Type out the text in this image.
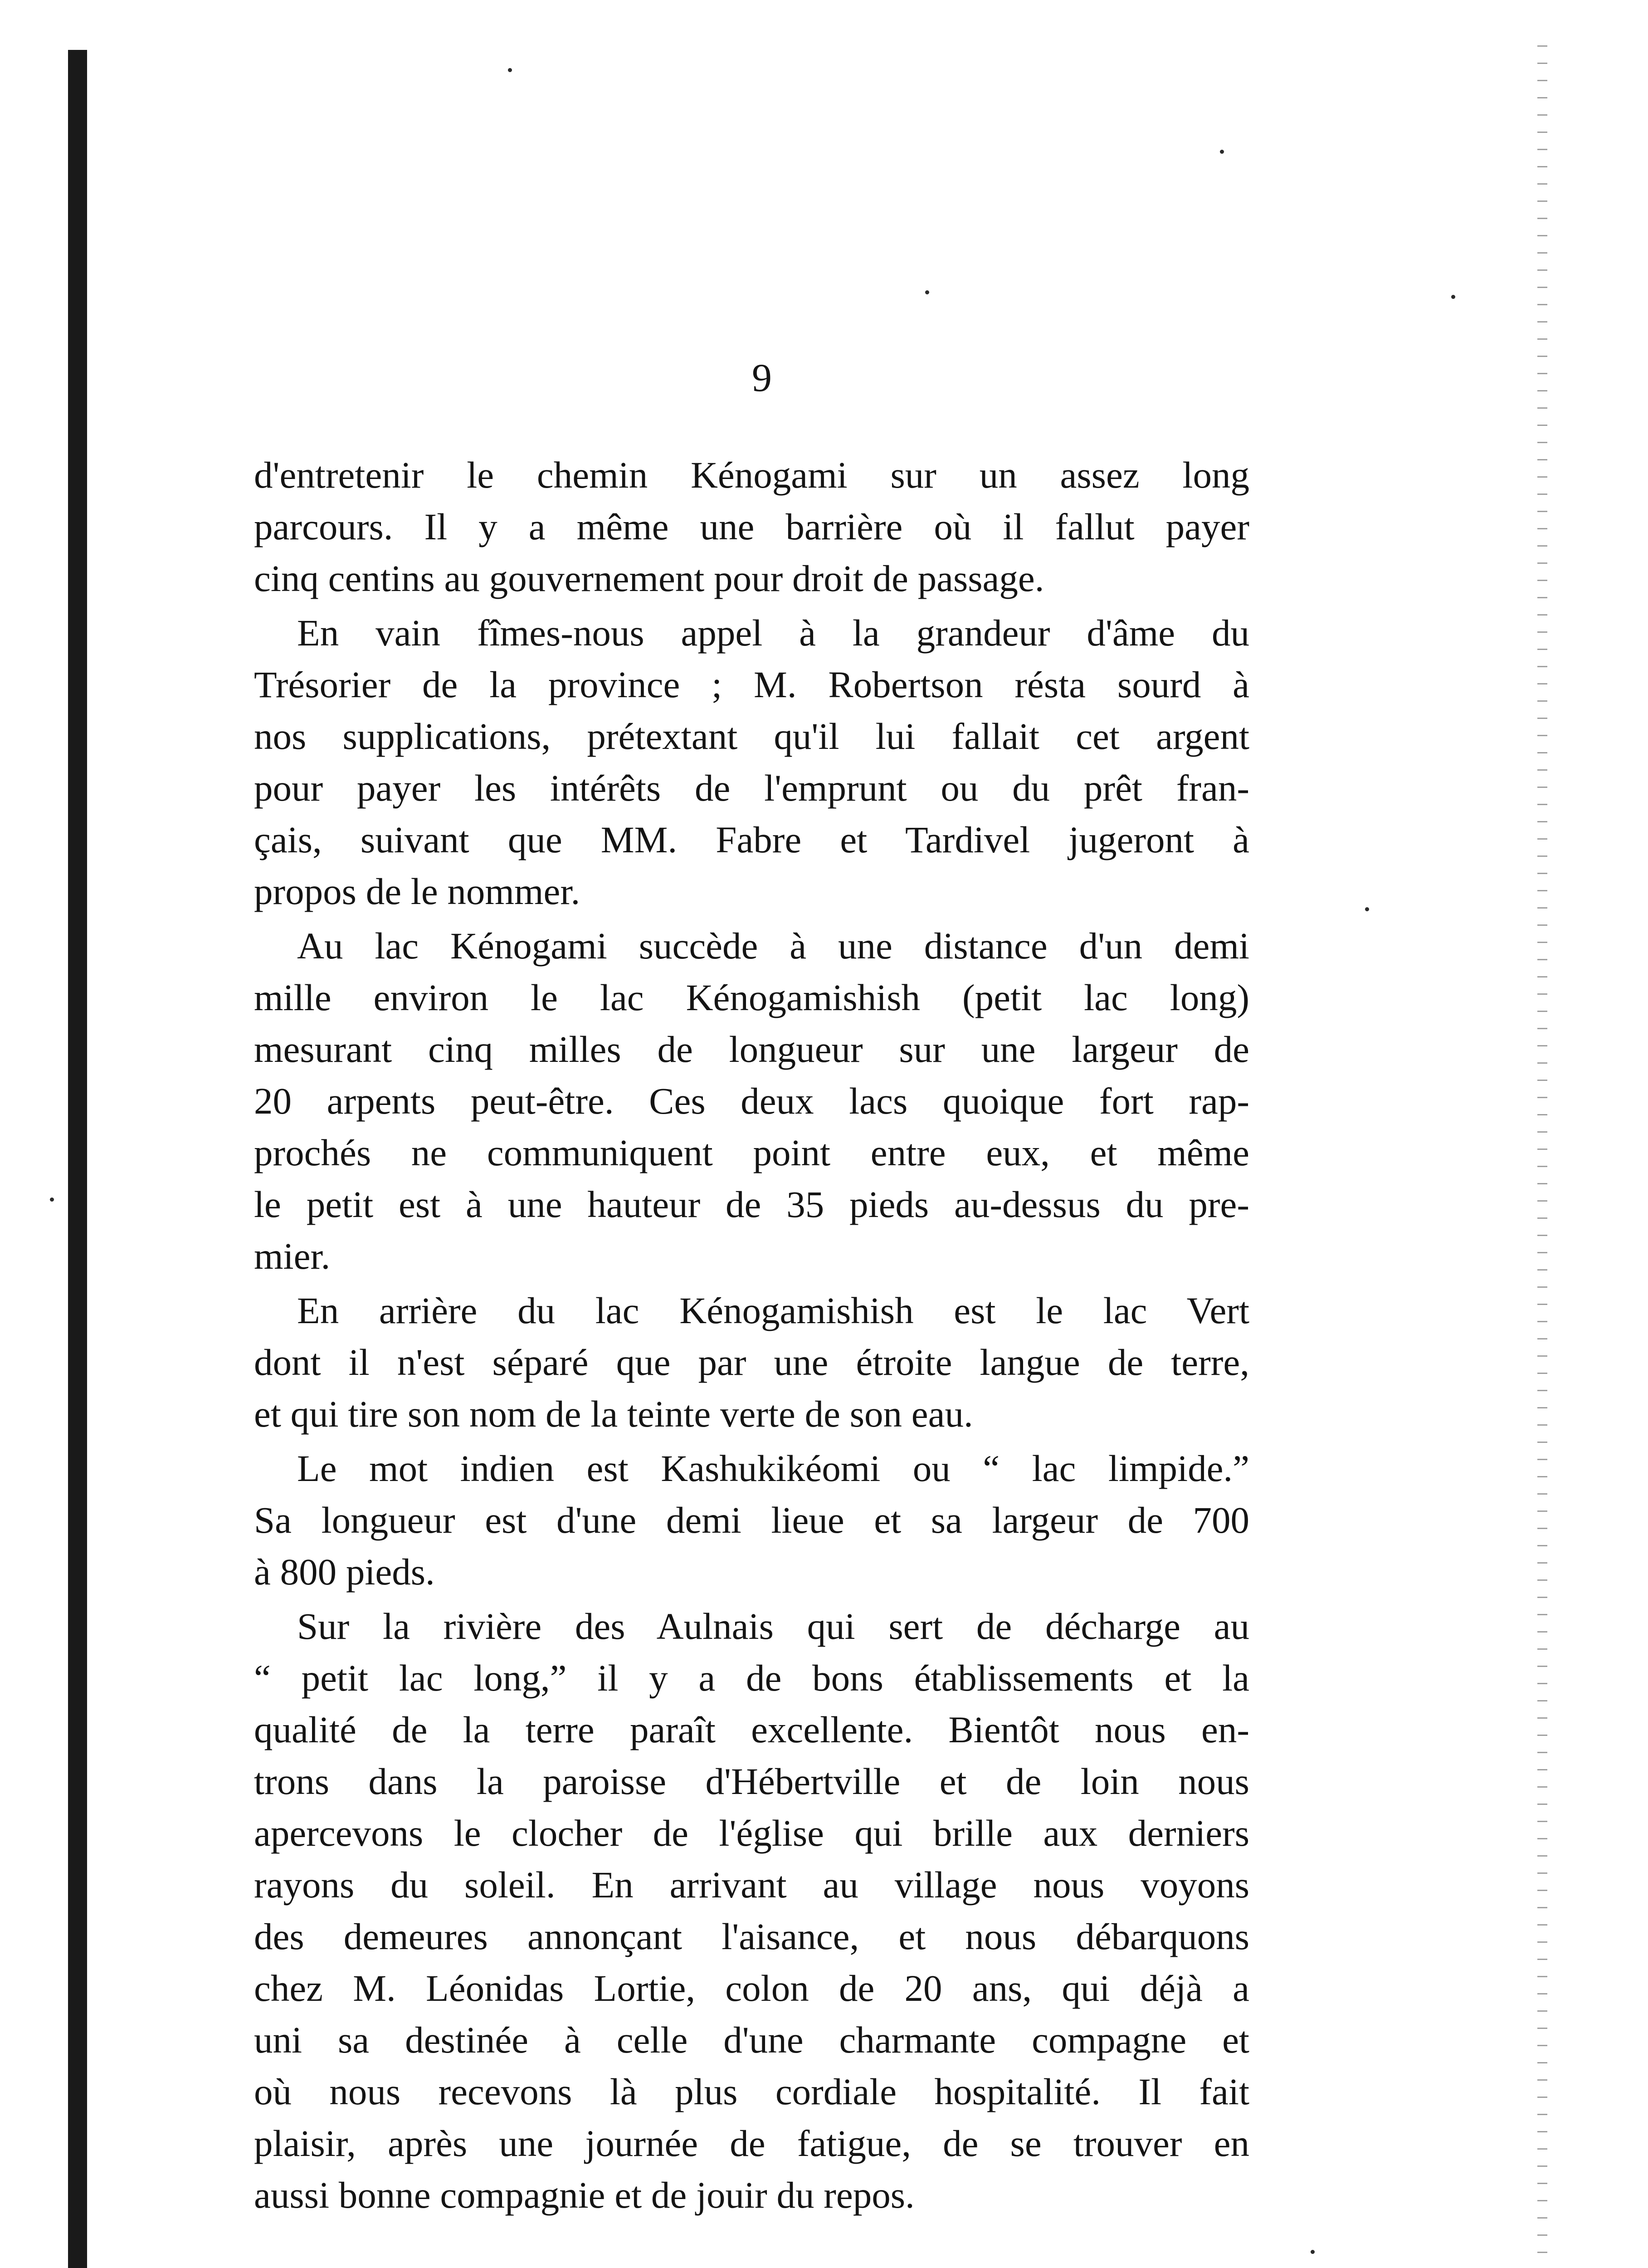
9

d'entretenir le chemin Kénogami sur un assez long
parcours. Il y a même une barrière où il fallut payer
cinq centins au gouvernement pour droit de passage.

En vain fîmes-nous appel à la grandeur d'âme du
Trésorier de la province ; M. Robertson résta sourd à
nos supplications, prétextant qu'il lui fallait cet argent
pour payer les intérêts de l'emprunt ou du prêt fran-
çais, suivant que MM. Fabre et Tardivel jugeront à
propos de le nommer.

Au lac Kénogami succède à une distance d'un demi
mille environ le lac Kénogamishish (petit lac long)
mesurant cinq milles de longueur sur une largeur de
20 arpents peut-être. Ces deux lacs quoique fort rap-
prochés ne communiquent point entre eux, et même
le petit est à une hauteur de 35 pieds au-dessus du pre-
mier.

En arrière du lac Kénogamishish est le lac Vert
dont il n'est séparé que par une étroite langue de terre,
et qui tire son nom de la teinte verte de son eau.

Le mot indien est Kashukikéomi ou “ lac limpide.”
Sa longueur est d'une demi lieue et sa largeur de 700
à 800 pieds.

Sur la rivière des Aulnais qui sert de décharge au
“ petit lac long,” il y a de bons établissements et la
qualité de la terre paraît excellente. Bientôt nous en-
trons dans la paroisse d'Hébertville et de loin nous
apercevons le clocher de l'église qui brille aux derniers
rayons du soleil. En arrivant au village nous voyons
des demeures annonçant l'aisance, et nous débarquons
chez M. Léonidas Lortie, colon de 20 ans, qui déjà a
uni sa destinée à celle d'une charmante compagne et
où nous recevons là plus cordiale hospitalité. Il fait
plaisir, après une journée de fatigue, de se trouver en
aussi bonne compagnie et de jouir du repos.
